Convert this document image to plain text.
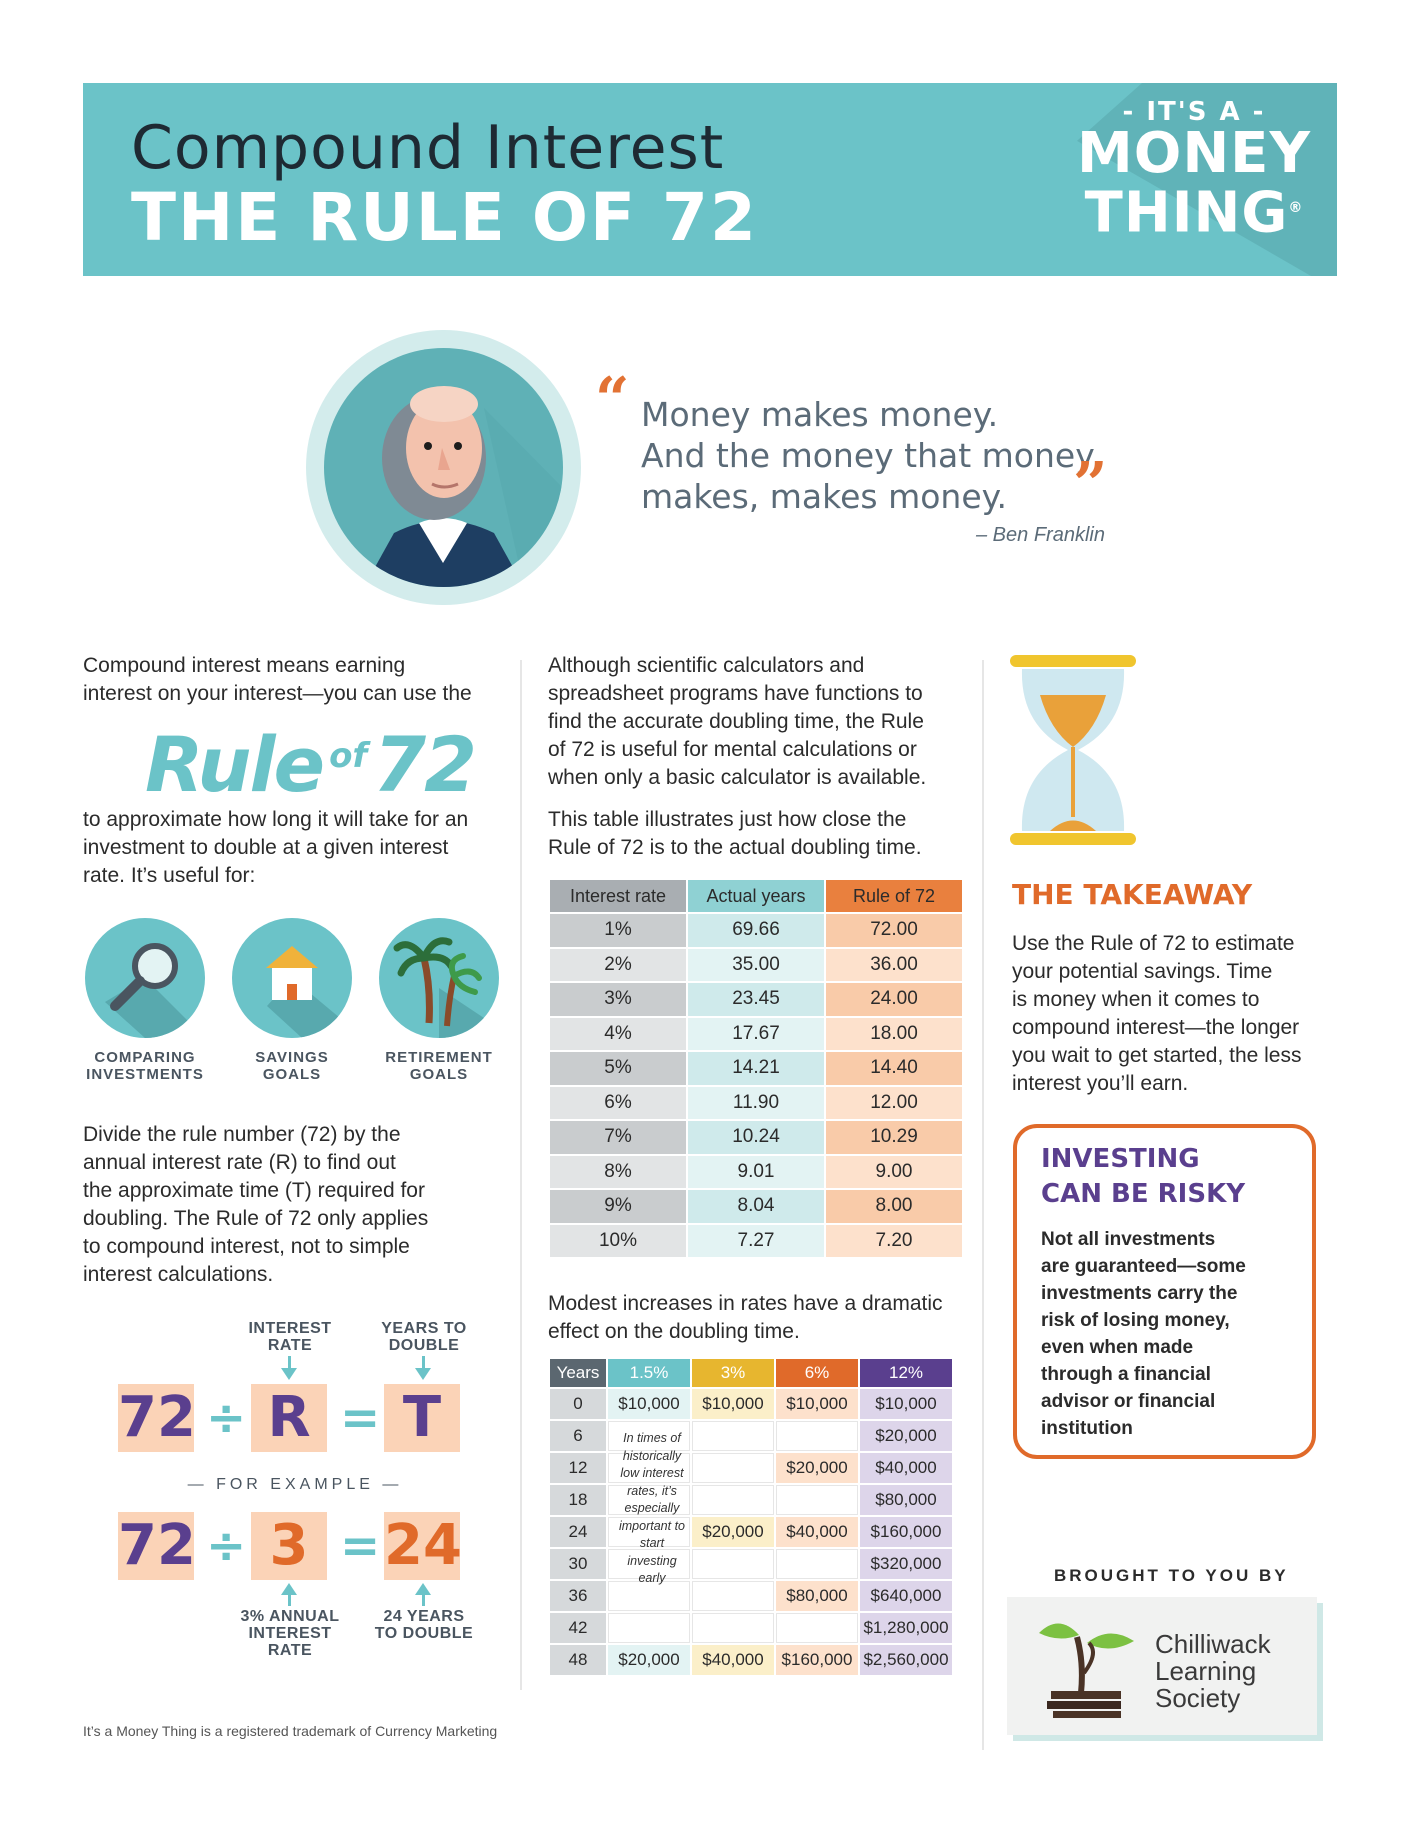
Compound Interest
THE RULE OF 72
- IT'S A -
MONEY
THING®
“ Money makes money.
And the money that money
makes, makes money.	”
– Ben Franklin
Compound interest means earning
interest on your interest—you can use the
Rule of72
to approximate how long it will take for an
investment to double at a given interest
rate. It’s useful for:
COMPARING
INVESTMENTS
SAVINGS
GOALS
RETIREMENT
GOALS
Divide the rule number (72) by the
annual interest rate (R) to find out
the approximate time (T) required for
doubling. The Rule of 72 only applies
to compound interest, not to simple
interest calculations.
INTEREST
RATE
YEARS TO
DOUBLE
72 ÷ R = T
— FOR EXAMPLE —
72 ÷ 3 = 24
3% ANNUAL
INTEREST
RATE
24 YEARS
TO DOUBLE
Although scientific calculators and
spreadsheet programs have functions to
find the accurate doubling time, the Rule
of 72 is useful for mental calculations or
when only a basic calculator is available.
This table illustrates just how close the
Rule of 72 is to the actual doubling time.
Interest rate	Actual years	Rule of 72
1%	69.66	72.00
2%	35.00	36.00
3%	23.45	24.00
4%	17.67	18.00
5%	14.21	14.40
6%	11.90	12.00
7%	10.24	10.29
8%	9.01	9.00
9%	8.04	8.00
10%	7.27	7.20
Modest increases in rates have a dramatic
effect on the doubling time.
Years	1.5%	3%	6%	12%
0	$10,000	$10,000	$10,000	$10,000
6				$20,000
12			$20,000	$40,000
18				$80,000
24		$20,000	$40,000	$160,000
30				$320,000
36			$80,000	$640,000
42				$1,280,000
48	$20,000	$40,000	$160,000	$2,560,000
In times of historically low interest rates, it’s especially important to start investing early
THE TAKEAWAY
Use the Rule of 72 to estimate
your potential savings. Time
is money when it comes to
compound interest—the longer
you wait to get started, the less
interest you’ll earn.
INVESTING
CAN BE RISKY
Not all investments
are guaranteed—some
investments carry the
risk of losing money,
even when made
through a financial
advisor or financial
institution
BROUGHT TO YOU BY
Chilliwack
Learning
Society
It’s a Money Thing is a registered trademark of Currency Marketing
